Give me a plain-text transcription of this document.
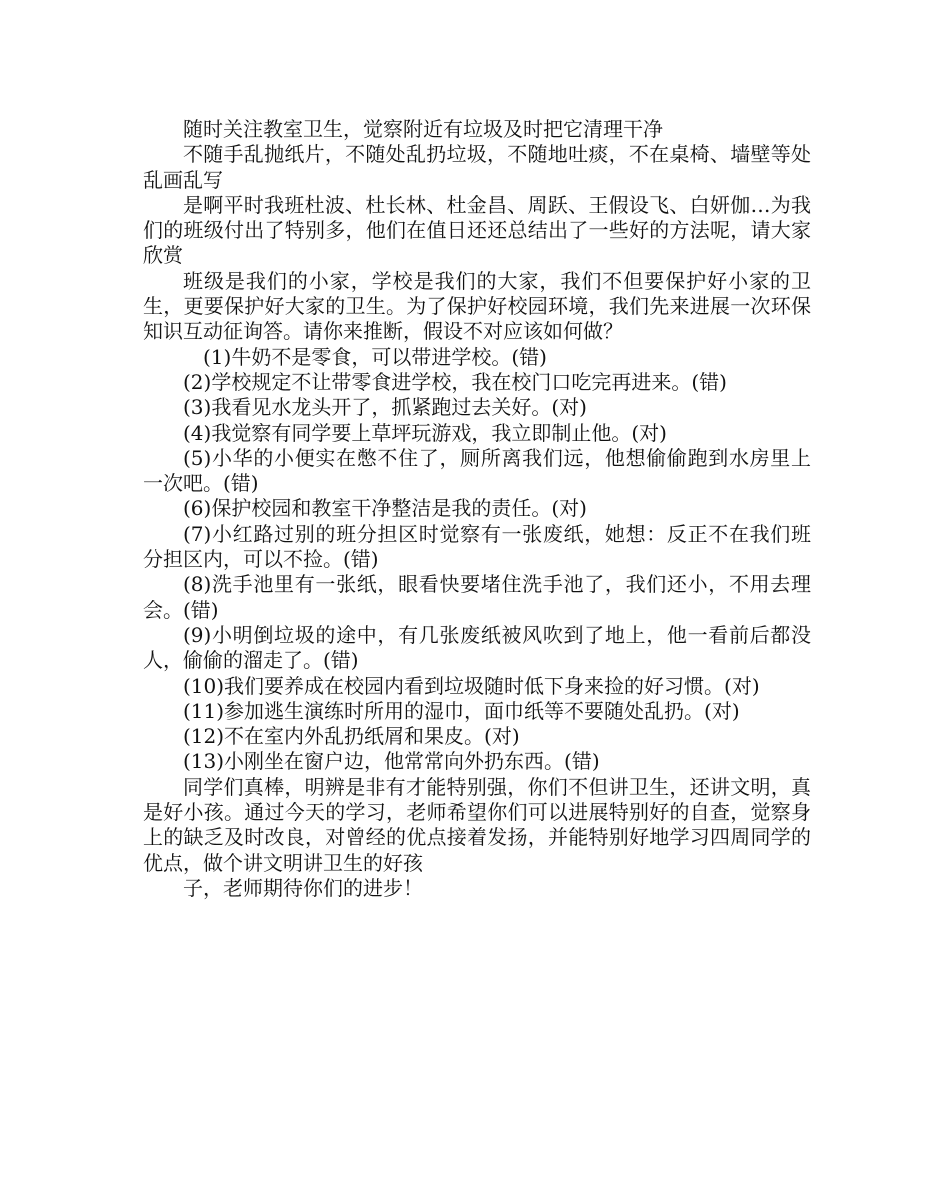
随时关注教室卫生，觉察附近有垃圾及时把它清理干净

不随手乱抛纸片，不随处乱扔垃圾，不随地吐痰，不在桌椅、墙壁等处乱画乱写

是啊平时我班杜波、杜长林、杜金昌、周跃、王假设飞、白妍伽…为我们的班级付出了特别多，他们在值日还还总结出了一些好的方法呢，请大家欣赏

班级是我们的小家，学校是我们的大家，我们不但要保护好小家的卫生，更要保护好大家的卫生。为了保护好校园环境，我们先来进展一次环保知识互动征询答。请你来推断，假设不对应该如何做？

(1)牛奶不是零食，可以带进学校。(错)

(2)学校规定不让带零食进学校，我在校门口吃完再进来。(错)

(3)我看见水龙头开了，抓紧跑过去关好。(对)

(4)我觉察有同学要上草坪玩游戏，我立即制止他。(对)

(5)小华的小便实在憋不住了，厕所离我们远，他想偷偷跑到水房里上一次吧。(错)

(6)保护校园和教室干净整洁是我的责任。(对)

(7)小红路过别的班分担区时觉察有一张废纸，她想：反正不在我们班分担区内，可以不捡。(错)

(8)洗手池里有一张纸，眼看快要堵住洗手池了，我们还小，不用去理会。(错)

(9)小明倒垃圾的途中，有几张废纸被风吹到了地上，他一看前后都没人，偷偷的溜走了。(错)

(10)我们要养成在校园内看到垃圾随时低下身来捡的好习惯。(对)

(11)参加逃生演练时所用的湿巾，面巾纸等不要随处乱扔。(对)

(12)不在室内外乱扔纸屑和果皮。(对)

(13)小刚坐在窗户边，他常常向外扔东西。(错)

同学们真棒，明辨是非有才能特别强，你们不但讲卫生，还讲文明，真是好小孩。通过今天的学习，老师希望你们可以进展特别好的自查，觉察身上的缺乏及时改良，对曾经的优点接着发扬，并能特别好地学习四周同学的优点，做个讲文明讲卫生的好孩

子，老师期待你们的进步！
